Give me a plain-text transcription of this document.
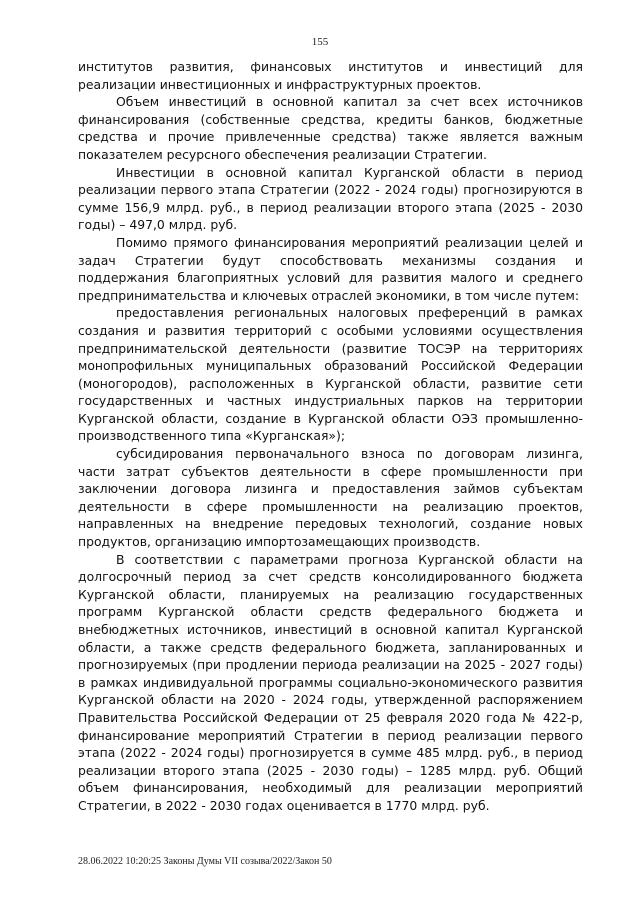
155

институтов развития, финансовых институтов и инвестиций для реализации инвестиционных и инфраструктурных проектов.

Объем инвестиций в основной капитал за счет всех источников финансирования (собственные средства, кредиты банков, бюджетные средства и прочие привлеченные средства) также является важным показателем ресурсного обеспечения реализации Стратегии.

Инвестиции в основной капитал Курганской области в период реализации первого этапа Стратегии (2022 - 2024 годы) прогнозируются в сумме 156,9 млрд. руб., в период реализации второго этапа (2025 - 2030 годы) – 497,0 млрд. руб.

Помимо прямого финансирования мероприятий реализации целей и задач Стратегии будут способствовать механизмы создания и поддержания благоприятных условий для развития малого и среднего предпринимательства и ключевых отраслей экономики, в том числе путем:

предоставления региональных налоговых преференций в рамках создания и развития территорий с особыми условиями осуществления предпринимательской деятельности (развитие ТОСЭР на территориях монопрофильных муниципальных образований Российской Федерации (моногородов), расположенных в Курганской области, развитие сети государственных и частных индустриальных парков на территории Курганской области, создание в Курганской области ОЭЗ промышленно-производственного типа «Курганская»);

субсидирования первоначального взноса по договорам лизинга, части затрат субъектов деятельности в сфере промышленности при заключении договора лизинга и предоставления займов субъектам деятельности в сфере промышленности на реализацию проектов, направленных на внедрение передовых технологий, создание новых продуктов, организацию импортозамещающих производств.

В соответствии с параметрами прогноза Курганской области на долгосрочный период за счет средств консолидированного бюджета Курганской области, планируемых на реализацию государственных программ Курганской области средств федерального бюджета и внебюджетных источников, инвестиций в основной капитал Курганской области, а также средств федерального бюджета, запланированных и прогнозируемых (при продлении периода реализации на 2025 - 2027 годы) в рамках индивидуальной программы социально-экономического развития Курганской области на 2020 - 2024 годы, утвержденной распоряжением Правительства Российской Федерации от 25 февраля 2020 года № 422-р, финансирование мероприятий Стратегии в период реализации первого этапа (2022 - 2024 годы) прогнозируется в сумме 485 млрд. руб., в период реализации второго этапа (2025 - 2030 годы) – 1285 млрд. руб. Общий объем финансирования, необходимый для реализации мероприятий Стратегии, в 2022 - 2030 годах оценивается в 1770 млрд. руб.

28.06.2022 10:20:25 Законы Думы VII созыва/2022/Закон 50
